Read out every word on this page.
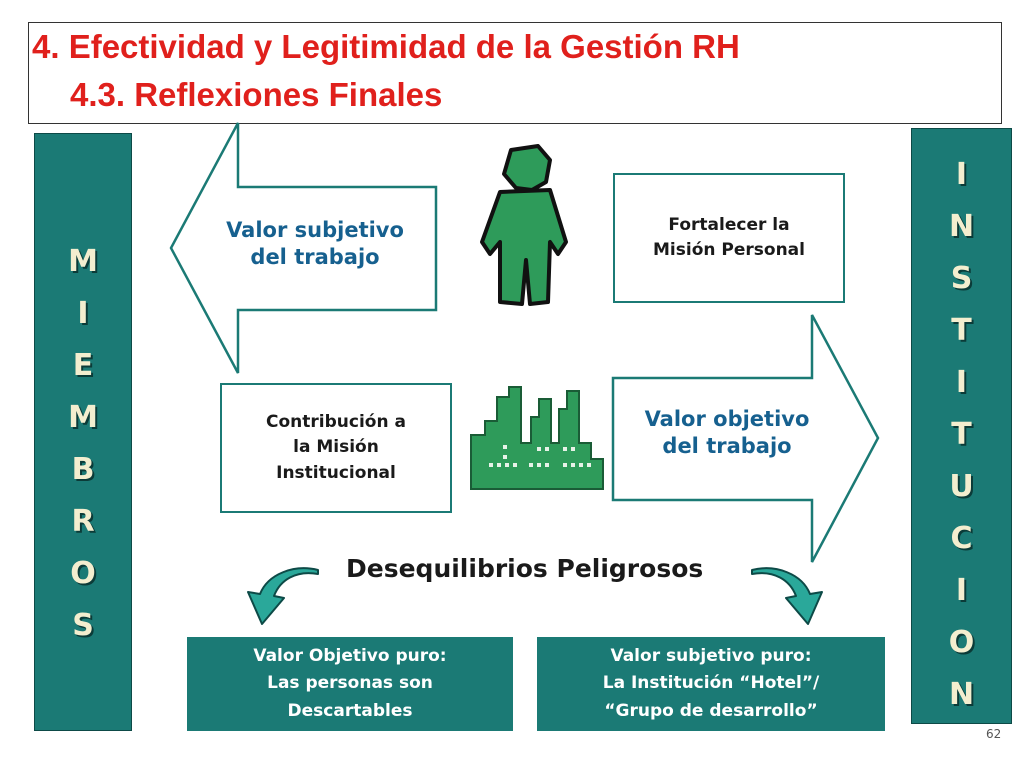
4. Efectividad y Legitimidad de la Gestión RH
4.3. Reflexiones Finales
M
I
E
M
B
R
O
S
I
N
S
T
I
T
U
C
I
O
N
Valor subjetivo
del trabajo
Valor objetivo
del trabajo
Fortalecer la
Misión Personal
Contribución a
la Misión
Institucional
Desequilibrios Peligrosos
Valor Objetivo puro:
Las personas son
Descartables
Valor subjetivo puro:
La Institución “Hotel”/
“Grupo de desarrollo”
62
